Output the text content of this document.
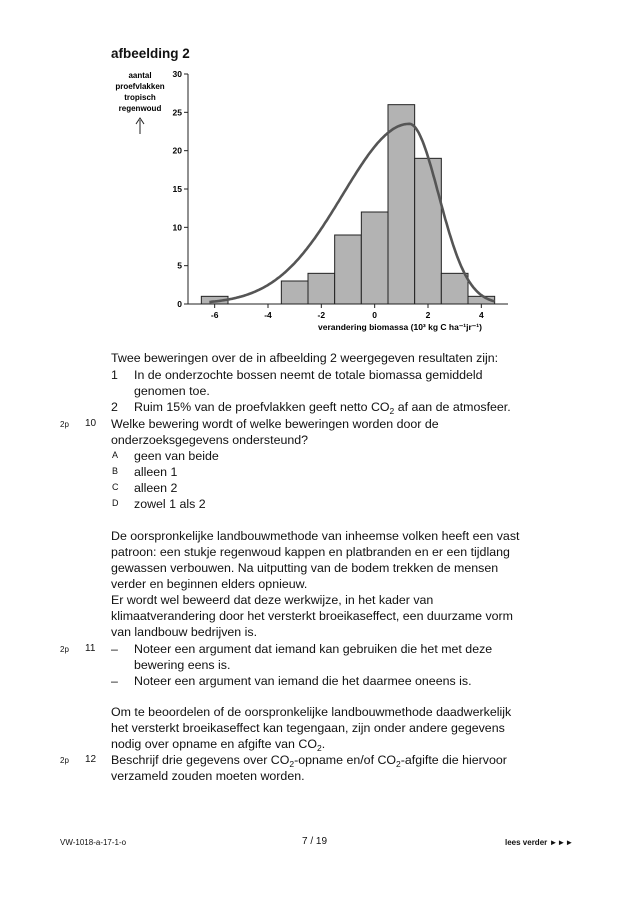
afbeelding 2
aantal
proefvlakken
tropisch
regenwoud
0
5
10
15
20
25
30
-6	-4	-2	0	2	4
verandering biomassa (10³ kg C ha⁻¹jr⁻¹)
Twee beweringen over de in afbeelding 2 weergegeven resultaten zijn:
1 In de onderzochte bossen neemt de totale biomassa gemiddeld
genomen toe.
2 Ruim 15% van de proefvlakken geeft netto $CO_2$ af aan de atmosfeer.
2p 10 Welke bewering wordt of welke beweringen worden door de
onderzoeksgegevens ondersteund?
A geen van beide
B alleen 1
C alleen 2
D zowel 1 als 2
De oorspronkelijke landbouwmethode van inheemse volken heeft een vast
patroon: een stukje regenwoud kappen en platbranden en er een tijdlang
gewassen verbouwen. Na uitputting van de bodem trekken de mensen
verder en beginnen elders opnieuw.
Er wordt wel beweerd dat deze werkwijze, in het kader van
klimaatverandering door het versterkt broeikaseffect, een duurzame vorm
van landbouw bedrijven is.
2p 11 – Noteer een argument dat iemand kan gebruiken die het met deze
bewering eens is.
– Noteer een argument van iemand die het daarmee oneens is.
Om te beoordelen of de oorspronkelijke landbouwmethode daadwerkelijk
het versterkt broeikaseffect kan tegengaan, zijn onder andere gegevens
nodig over opname en afgifte van $CO_2$.
2p 12 Beschrijf drie gegevens over $CO_2$-opname en/of $CO_2$-afgifte die hiervoor
verzameld zouden moeten worden.
VW-1018-a-17-1-o	7 / 19	lees verder ►►►
